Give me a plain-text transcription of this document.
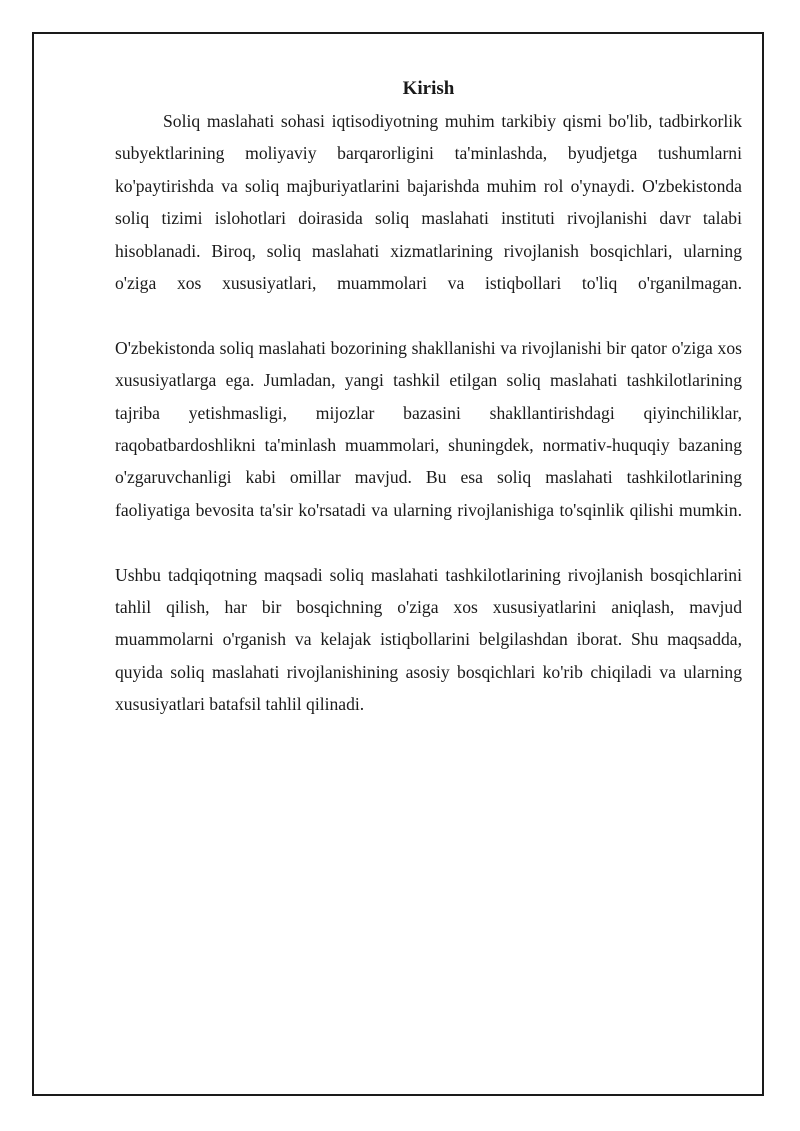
Kirish

Soliq maslahati sohasi iqtisodiyotning muhim tarkibiy qismi bo'lib, tadbirkorlik subyektlarining moliyaviy barqarorligini ta'minlashda, byudjetga tushumlarni ko'paytirishda va soliq majburiyatlarini bajarishda muhim rol o'ynaydi. O'zbekistonda soliq tizimi islohotlari doirasida soliq maslahati instituti rivojlanishi davr talabi hisoblanadi. Biroq, soliq maslahati xizmatlarining rivojlanish bosqichlari, ularning o'ziga xos xususiyatlari, muammolari va istiqbollari to'liq o'rganilmagan.

O'zbekistonda soliq maslahati bozorining shakllanishi va rivojlanishi bir qator o'ziga xos xususiyatlarga ega. Jumladan, yangi tashkil etilgan soliq maslahati tashkilotlarining tajriba yetishmasligi, mijozlar bazasini shakllantirishdagi qiyinchiliklar, raqobatbardoshlikni ta'minlash muammolari, shuningdek, normativ-huquqiy bazaning o'zgaruvchanligi kabi omillar mavjud. Bu esa soliq maslahati tashkilotlarining faoliyatiga bevosita ta'sir ko'rsatadi va ularning rivojlanishiga to'sqinlik qilishi mumkin.

Ushbu tadqiqotning maqsadi soliq maslahati tashkilotlarining rivojlanish bosqichlarini tahlil qilish, har bir bosqichning o'ziga xos xususiyatlarini aniqlash, mavjud muammolarni o'rganish va kelajak istiqbollarini belgilashdan iborat. Shu maqsadda, quyida soliq maslahati rivojlanishining asosiy bosqichlari ko'rib chiqiladi va ularning xususiyatlari batafsil tahlil qilinadi.
